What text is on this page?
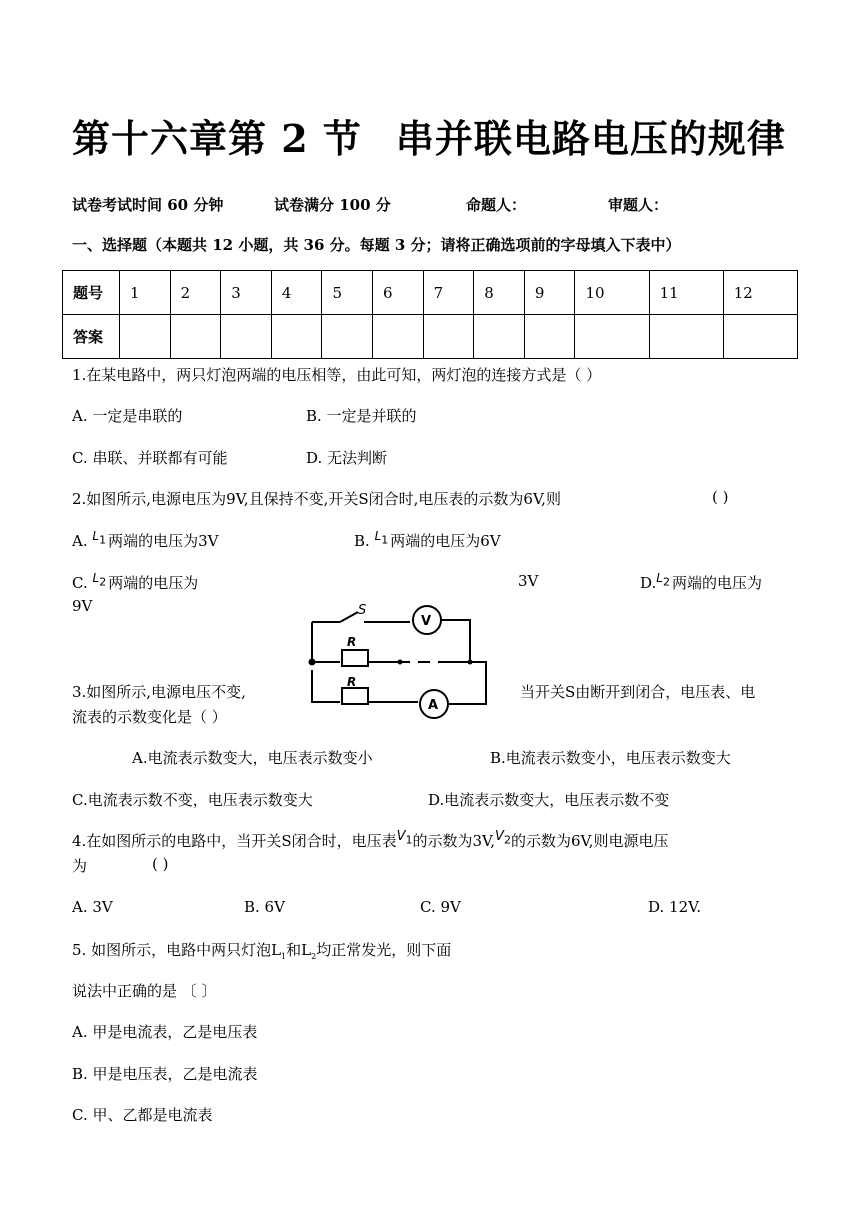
第十六章第 2 节 串并联电路电压的规律
试卷考试时间 60 分钟	试卷满分 100 分	命题人：	审题人：
一、选择题（本题共 12 小题，共 36 分。每题 3 分；请将正确选项前的字母填入下表中）
题号	1	2	3	4	5	6	7	8	9	10	11	12
答案												
1.在某电路中，两只灯泡两端的电压相等，由此可知，两灯泡的连接方式是（ ）
A. 一定是串联的	B. 一定是并联的
C. 串联、并联都有可能	D. 无法判断
2.如图所示,电源电压为9V,且保持不变,开关S闭合时,电压表的示数为6V,则	( )
A. $^{L_1}$ 两端的电压为3V	B. $^{L_1}$ 两端的电压为6V
C. $^{L_2}$ 两端的电压为	3V	D.$^{L_2}$ 两端的电压为
9V	S
V
A
R
R
3.如图所示,电源电压不变,	当开关S由断开到闭合，电压表、电
流表的示数变化是（ ）
A.电流表示数变大，电压表示数变小	B.电流表示数变小，电压表示数变大
C.电流表示数不变，电压表示数变大	D.电流表示数变大，电压表示数不变
4.在如图所示的电路中，当开关S闭合时，电压表$V_1$的示数为$3V,V_2$的示数为6V,则电源电压
为	( )
A. 3V	B. 6V	C. 9V	D. 12V.
5. 如图所示，电路中两只灯泡$L_1$和$L_2$均正常发光，则下面
说法中正确的是 〔 〕
A. 甲是电流表，乙是电压表
B. 甲是电压表，乙是电流表
C. 甲、乙都是电流表
